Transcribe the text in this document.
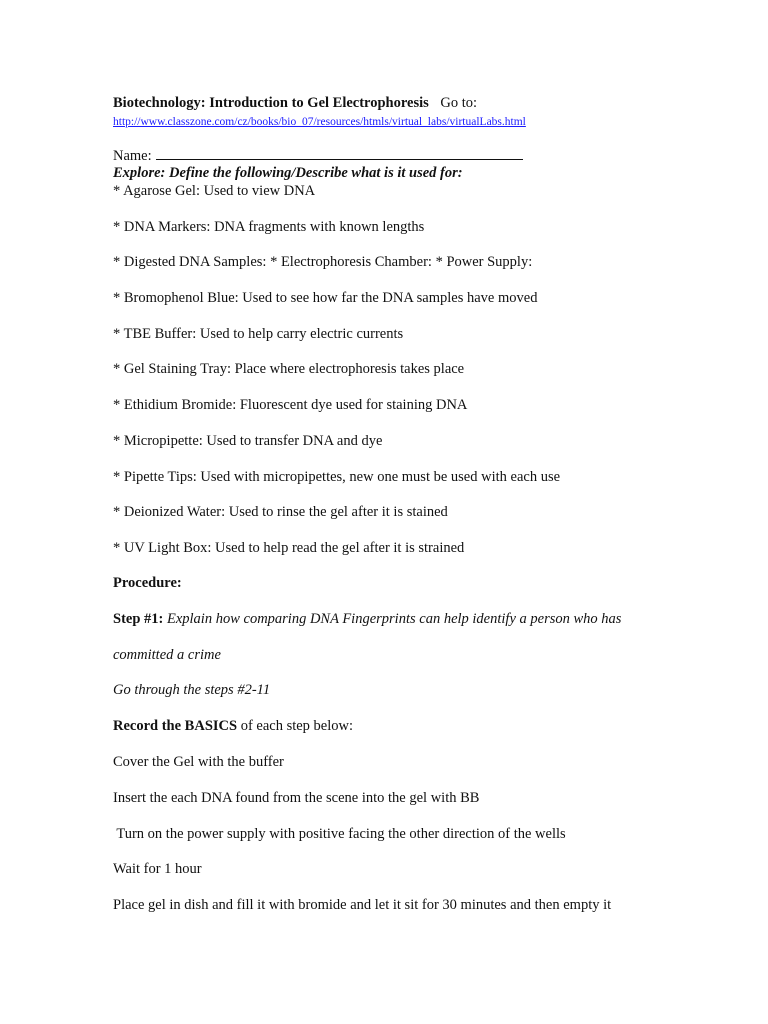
Biotechnology: Introduction to Gel Electrophoresis Go to:
http://www.classzone.com/cz/books/bio_07/resources/htmls/virtual_labs/virtualLabs.html
Name:
Explore: Define the following/Describe what is it used for:
* Agarose Gel: Used to view DNA
* DNA Markers: DNA fragments with known lengths
* Digested DNA Samples: * Electrophoresis Chamber: * Power Supply:
* Bromophenol Blue: Used to see how far the DNA samples have moved
* TBE Buffer: Used to help carry electric currents
* Gel Staining Tray: Place where electrophoresis takes place
* Ethidium Bromide: Fluorescent dye used for staining DNA
* Micropipette: Used to transfer DNA and dye
* Pipette Tips: Used with micropipettes, new one must be used with each use
* Deionized Water: Used to rinse the gel after it is stained
* UV Light Box: Used to help read the gel after it is strained
Procedure:
Step #1: Explain how comparing DNA Fingerprints can help identify a person who has
committed a crime
Go through the steps #2-11
Record the BASICS of each step below:
Cover the Gel with the buffer
Insert the each DNA found from the scene into the gel with BB
Turn on the power supply with positive facing the other direction of the wells
Wait for 1 hour
Place gel in dish and fill it with bromide and let it sit for 30 minutes and then empty it
